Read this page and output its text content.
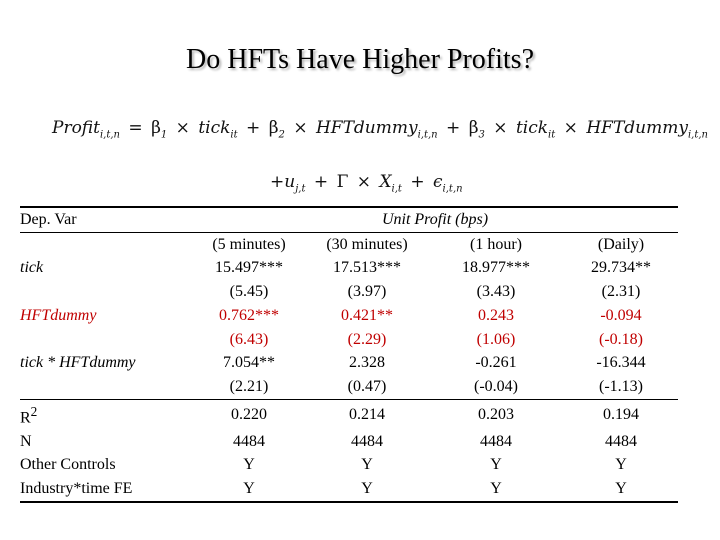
Do HFTs Have Higher Profits?
Profit$_{i,t,n}$ = $\beta_1$ × tick$_{it}$ + $\beta_2$ × HFTdummy$_{i,t,n}$ + $\beta_3$ × tick$_{it}$ × HFTdummy$_{i,t,n}$
$+u_{j,t} + \Gamma \times X_{i,t} + \epsilon_{i,t,n}$
Dep. Var	Unit Profit (bps)			
	(5 minutes)	(30 minutes)	(1 hour)	(Daily)
tick	15.497***	17.513***	18.977***	29.734**
	(5.45)	(3.97)	(3.43)	(2.31)
HFTdummy	0.762***	0.421**	0.243	-0.094
	(6.43)	(2.29)	(1.06)	(-0.18)
tick * HFTdummy	7.054**	2.328	-0.261	-16.344
	(2.21)	(0.47)	(-0.04)	(-1.13)
$R^2$	0.220	0.214	0.203	0.194
N	4484	4484	4484	4484
Other Controls	Y	Y	Y	Y
Industry*time FE	Y	Y	Y	Y
